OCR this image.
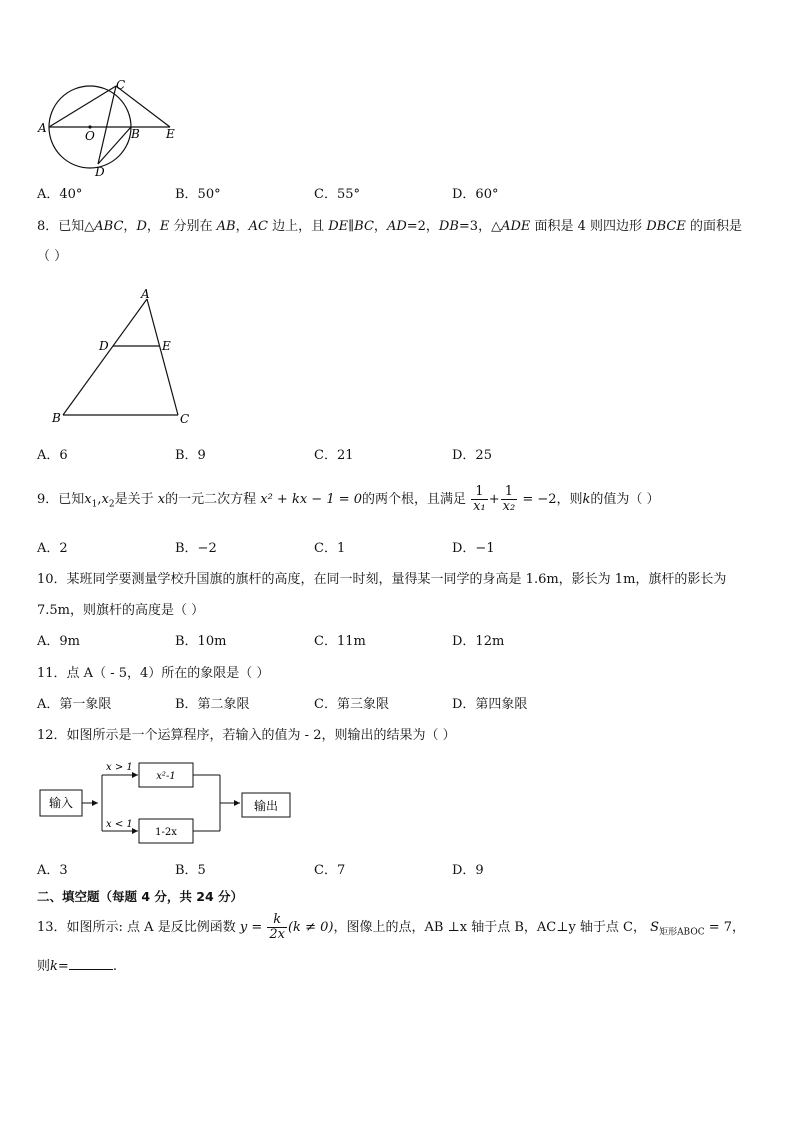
C
A
O	B E
D
A．40°	B．50°	C．55°	D．60°
8．已知△ABC，D，E 分别在 AB，AC 边上，且 DE∥BC，AD=2，DB=3，△ADE 面积是 4 则四边形 DBCE 的面积是
（ ）
A
D	E
B	C
A．6	B．9	C．21	D．25
9．已知$x_1,x_2$是关于 x的一元二次方程 x² + kx − 1 = 0的两个根，且满足 $\frac{1}{\text{x₁}} + \frac{1}{\text{x₂}} = -2$，则k的值为（ ）
A．2	B．−2	C．1	D．−1
10．某班同学要测量学校升国旗的旗杆的高度，在同一时刻，量得某一同学的身高是 1.6m，影长为 1m，旗杆的影长为
7.5m，则旗杆的高度是（ ）
A．9m	B．10m	C．11m	D．12m
11．点 A（ - 5，4）所在的象限是（ ）
A．第一象限	B．第二象限	C．第三象限	D．第四象限
12．如图所示是一个运算程序，若输入的值为 - 2，则输出的结果为（ ）
输入
x > 1
x < 1
x²-1
1-2x
输出
A．3	B．5	C．7	D．9
二、填空题（每题 4 分，共 24 分）
13．如图所示: 点 A 是反比例函数 $y = \frac{k}{2x} (k \ne 0)$，图像上的点，AB ⊥x 轴于点 B，AC⊥y 轴于点 C， $S_{矩形ABOC} = 7$，
则k=	.
